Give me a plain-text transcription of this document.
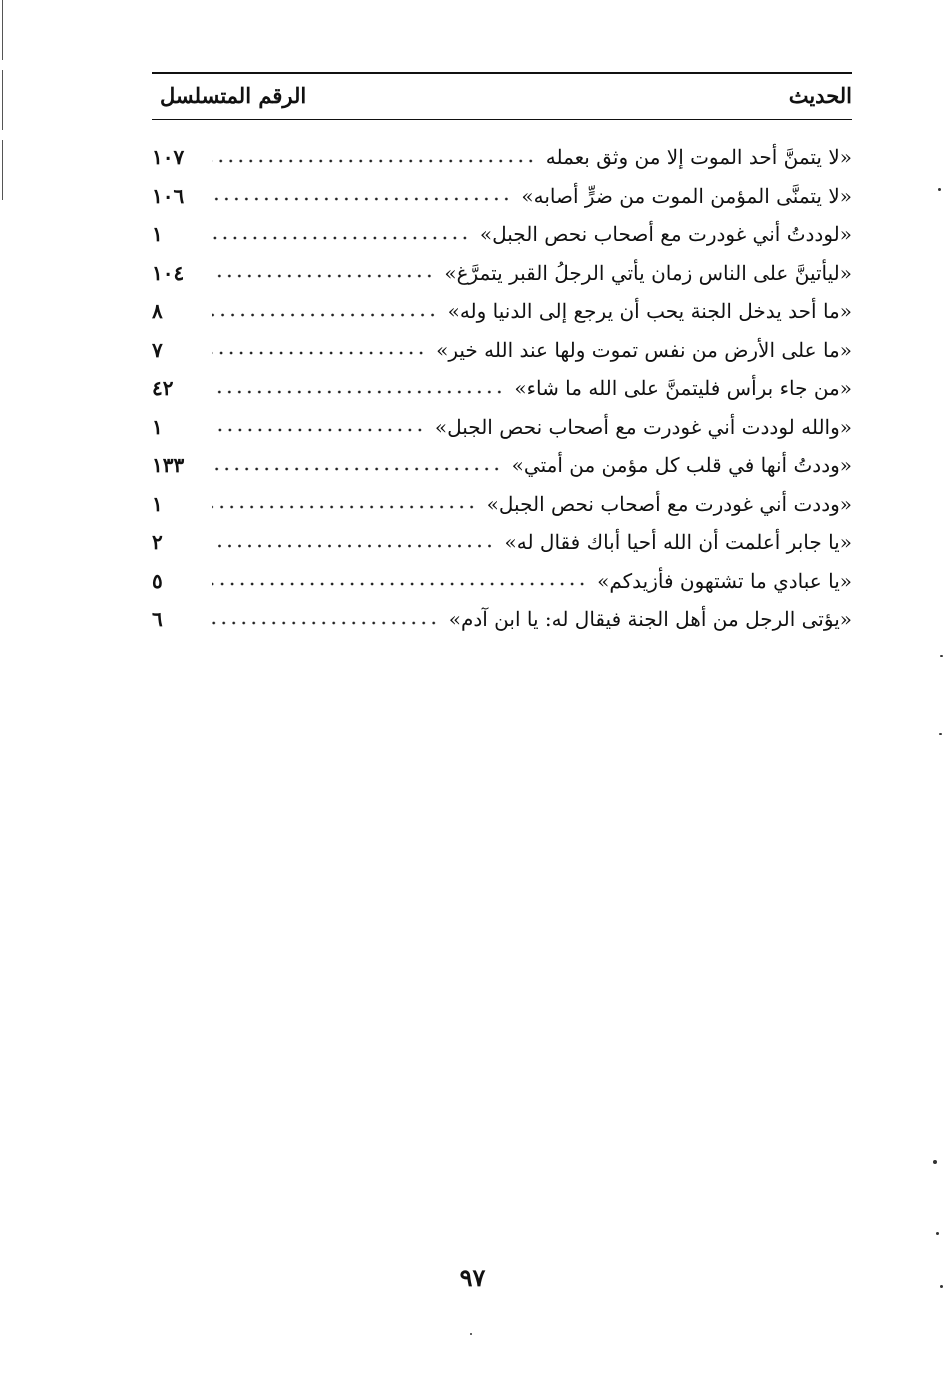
الحديث
الرقم المتسلسل
«لا يتمنَّ أحد الموت إلا من وثق بعمله
١٠٧
«لا يتمنَّى المؤمن الموت من ضرٍّ أصابه»
١٠٦
«لوددتُ أني غودرت مع أصحاب نحص الجبل»
١
«ليأتينَّ على الناس زمان يأتي الرجلُ القبر يتمرَّغ»
١٠٤
«ما أحد يدخل الجنة يحب أن يرجع إلى الدنيا وله»
٨
«ما على الأرض من نفس تموت ولها عند الله خير»
٧
«من جاء برأس فليتمنَّ على الله ما شاء»
٤٢
«والله لوددت أني غودرت مع أصحاب نحص الجبل»
١
«وددتُ أنها في قلب كل مؤمن من أمتي»
١٣٣
«وددت أني غودرت مع أصحاب نحص الجبل»
١
«يا جابر أعلمت أن الله أحيا أباك فقال له»
٢
«يا عبادي ما تشتهون فأزيدكم»
٥
«يؤتى الرجل من أهل الجنة فيقال له: يا ابن آدم»
٦
٩٧
